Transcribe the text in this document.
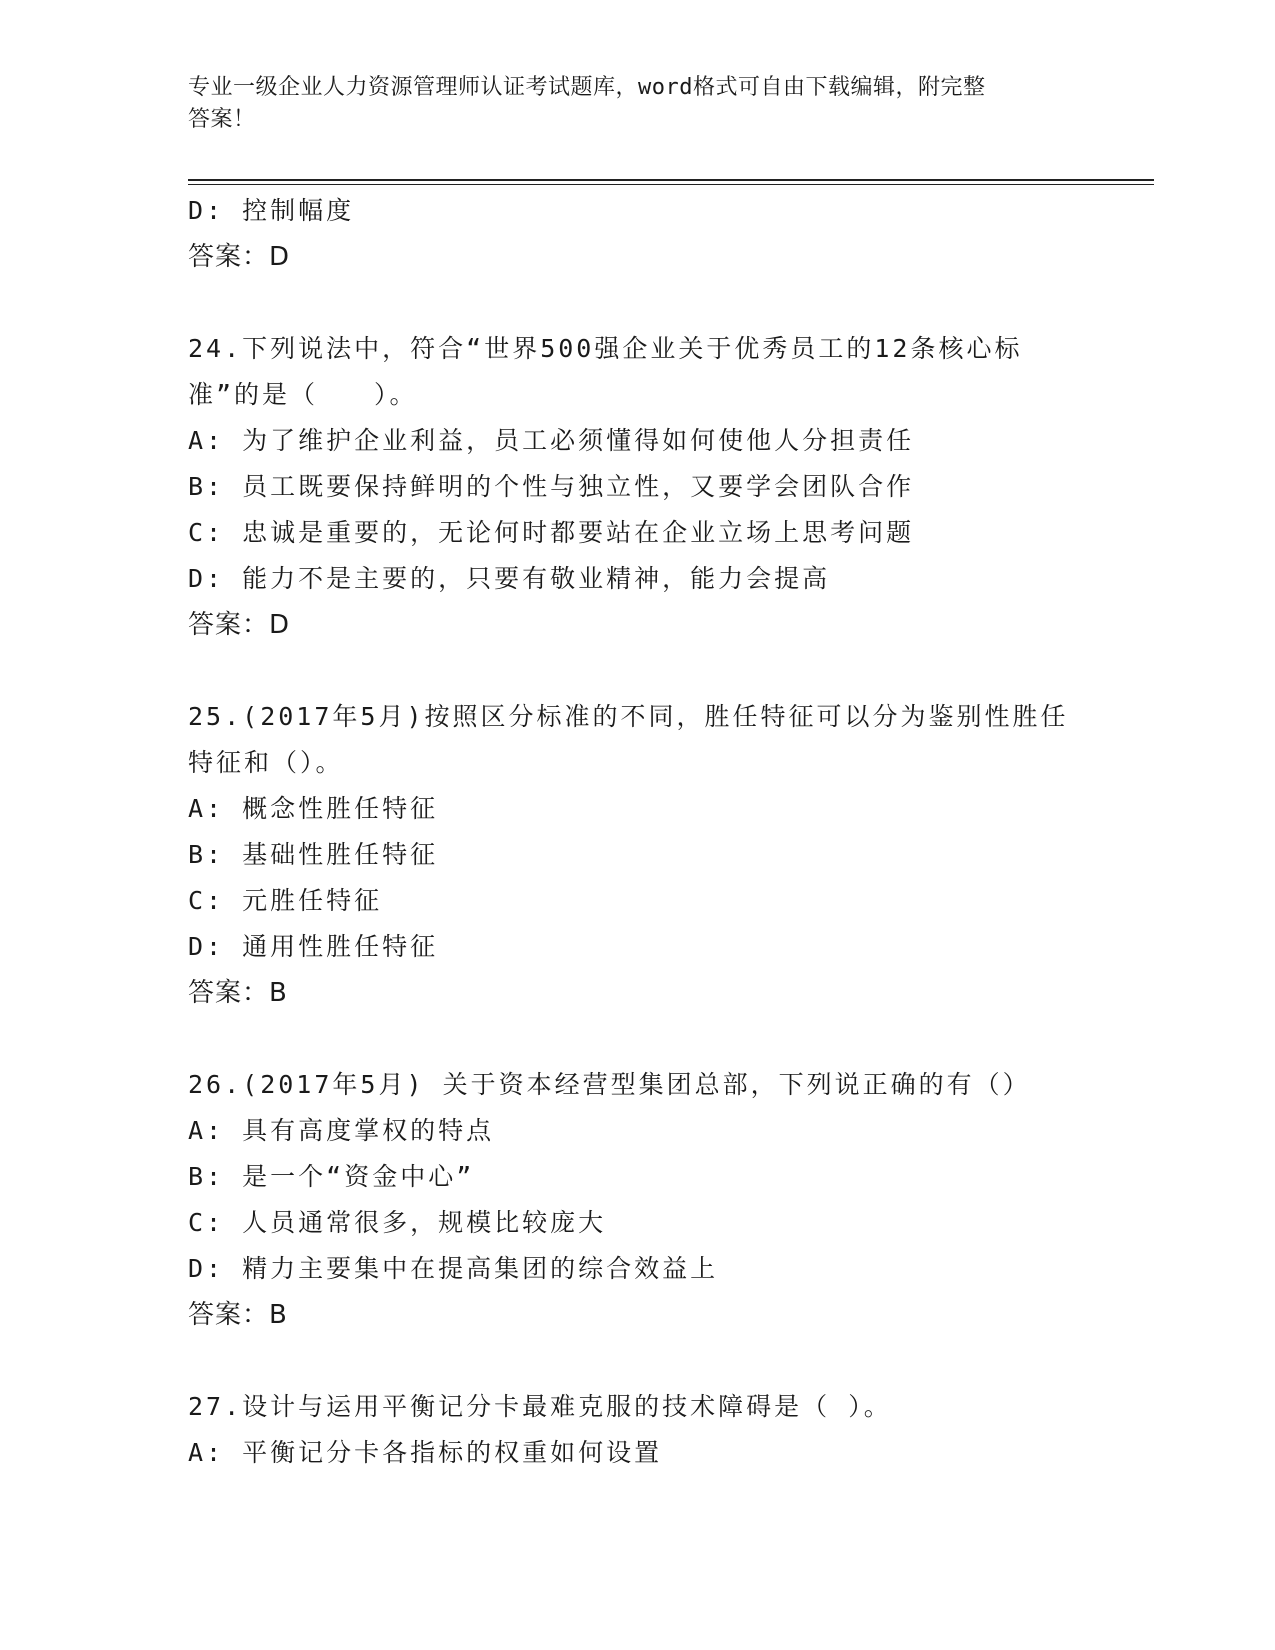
专业一级企业人力资源管理师认证考试题库，word格式可自由下载编辑，附完整
答案！
D: 控制幅度
答案：D
24.下列说法中，符合“世界500强企业关于优秀员工的12条核心标
准”的是（　　）。
A: 为了维护企业利益，员工必须懂得如何使他人分担责任
B: 员工既要保持鲜明的个性与独立性，又要学会团队合作
C: 忠诚是重要的，无论何时都要站在企业立场上思考问题
D: 能力不是主要的，只要有敬业精神，能力会提高
答案：D
25.(2017年5月)按照区分标准的不同，胜任特征可以分为鉴别性胜任
特征和（）。
A: 概念性胜任特征
B: 基础性胜任特征
C: 元胜任特征
D: 通用性胜任特征
答案：B
26.(2017年5月) 关于资本经营型集团总部，下列说正确的有（）
A: 具有高度掌权的特点
B: 是一个“资金中心”
C: 人员通常很多，规模比较庞大
D: 精力主要集中在提高集团的综合效益上
答案：B
27.设计与运用平衡记分卡最难克服的技术障碍是（ ）。
A: 平衡记分卡各指标的权重如何设置
